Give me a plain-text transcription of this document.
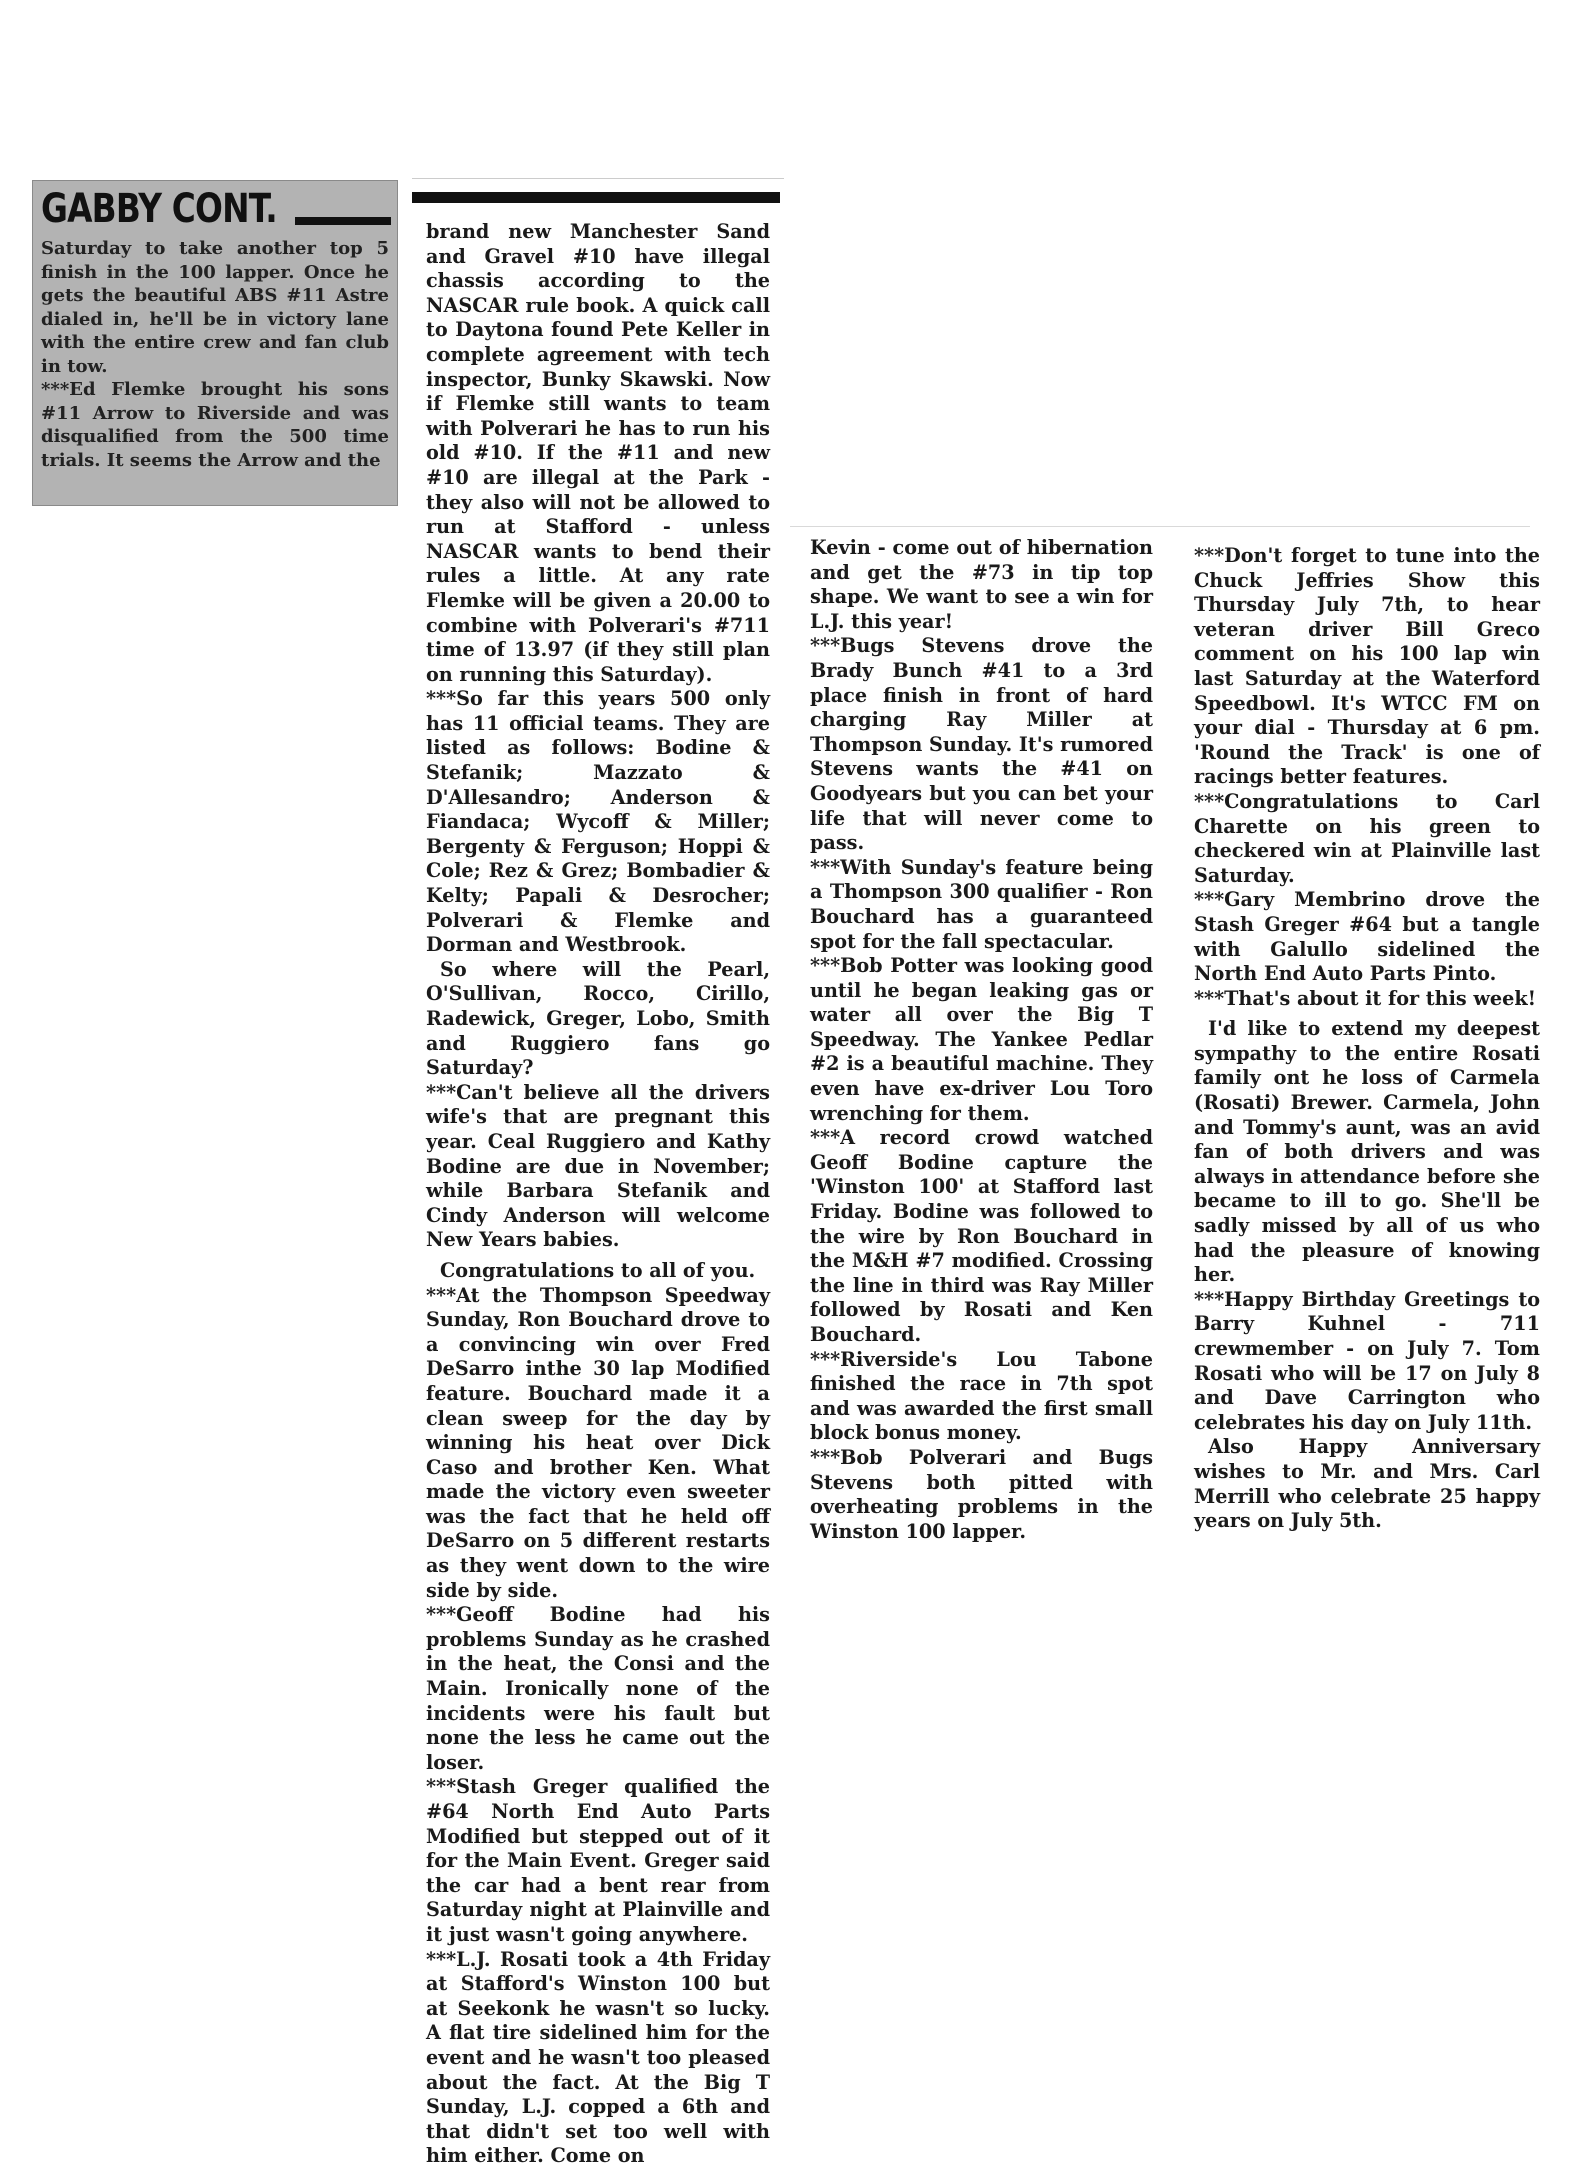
GABBY CONT.

Saturday to take another top 5 finish in the 100 lapper. Once he gets the beautiful ABS #11 Astre dialed in, he'll be in victory lane with the entire crew and fan club in tow.

***Ed Flemke brought his sons #11 Arrow to Riverside and was disqualified from the 500 time trials. It seems the Arrow and the

brand new Manchester Sand and Gravel #10 have illegal chassis according to the NASCAR rule book. A quick call to Daytona found Pete Keller in complete agreement with tech inspector, Bunky Skawski. Now if Flemke still wants to team with Polverari he has to run his old #10. If the #11 and new #10 are illegal at the Park - they also will not be allowed to run at Stafford - unless NASCAR wants to bend their rules a little. At any rate Flemke will be given a 20.00 to combine with Polverari's #711 time of 13.97 (if they still plan on running this Saturday).

***So far this years 500 only has 11 official teams. They are listed as follows: Bodine & Stefanik; Mazzato & D'Allesandro; Anderson & Fiandaca; Wycoff & Miller; Bergenty & Ferguson; Hoppi & Cole; Rez & Grez; Bombadier & Kelty; Papali & Desrocher; Polverari & Flemke and Dorman and Westbrook.

So where will the Pearl, O'Sullivan, Rocco, Cirillo, Radewick, Greger, Lobo, Smith and Ruggiero fans go Saturday?

***Can't believe all the drivers wife's that are pregnant this year. Ceal Ruggiero and Kathy Bodine are due in November; while Barbara Stefanik and Cindy Anderson will welcome New Years babies.

Congratulations to all of you.

***At the Thompson Speedway Sunday, Ron Bouchard drove to a convincing win over Fred DeSarro inthe 30 lap Modified feature. Bouchard made it a clean sweep for the day by winning his heat over Dick Caso and brother Ken. What made the victory even sweeter was the fact that he held off DeSarro on 5 different restarts as they went down to the wire side by side.

***Geoff Bodine had his problems Sunday as he crashed in the heat, the Consi and the Main. Ironically none of the incidents were his fault but none the less he came out the loser.

***Stash Greger qualified the #64 North End Auto Parts Modified but stepped out of it for the Main Event. Greger said the car had a bent rear from Saturday night at Plainville and it just wasn't going anywhere.

***L.J. Rosati took a 4th Friday at Stafford's Winston 100 but at Seekonk he wasn't so lucky. A flat tire sidelined him for the event and he wasn't too pleased about the fact. At the Big T Sunday, L.J. copped a 6th and that didn't set too well with him either. Come on

Kevin - come out of hibernation and get the #73 in tip top shape. We want to see a win for L.J. this year!

***Bugs Stevens drove the Brady Bunch #41 to a 3rd place finish in front of hard charging Ray Miller at Thompson Sunday. It's rumored Stevens wants the #41 on Goodyears but you can bet your life that will never come to pass.

***With Sunday's feature being a Thompson 300 qualifier - Ron Bouchard has a guaranteed spot for the fall spectacular.

***Bob Potter was looking good until he began leaking gas or water all over the Big T Speedway. The Yankee Pedlar #2 is a beautiful machine. They even have ex-driver Lou Toro wrenching for them.

***A record crowd watched Geoff Bodine capture the 'Winston 100' at Stafford last Friday. Bodine was followed to the wire by Ron Bouchard in the M&H #7 modified. Crossing the line in third was Ray Miller followed by Rosati and Ken Bouchard.

***Riverside's Lou Tabone finished the race in 7th spot and was awarded the first small block bonus money.

***Bob Polverari and Bugs Stevens both pitted with overheating problems in the Winston 100 lapper.

***Don't forget to tune into the Chuck Jeffries Show this Thursday July 7th, to hear veteran driver Bill Greco comment on his 100 lap win last Saturday at the Waterford Speedbowl. It's WTCC FM on your dial - Thursday at 6 pm. 'Round the Track' is one of racings better features.

***Congratulations to Carl Charette on his green to checkered win at Plainville last Saturday.

***Gary Membrino drove the Stash Greger #64 but a tangle with Galullo sidelined the North End Auto Parts Pinto.

***That's about it for this week!

I'd like to extend my deepest sympathy to the entire Rosati family ont he loss of Carmela (Rosati) Brewer. Carmela, John and Tommy's aunt, was an avid fan of both drivers and was always in attendance before she became to ill to go. She'll be sadly missed by all of us who had the pleasure of knowing her.

***Happy Birthday Greetings to Barry Kuhnel - 711 crewmember - on July 7. Tom Rosati who will be 17 on July 8 and Dave Carrington who celebrates his day on July 11th.

Also Happy Anniversary wishes to Mr. and Mrs. Carl Merrill who celebrate 25 happy years on July 5th.
